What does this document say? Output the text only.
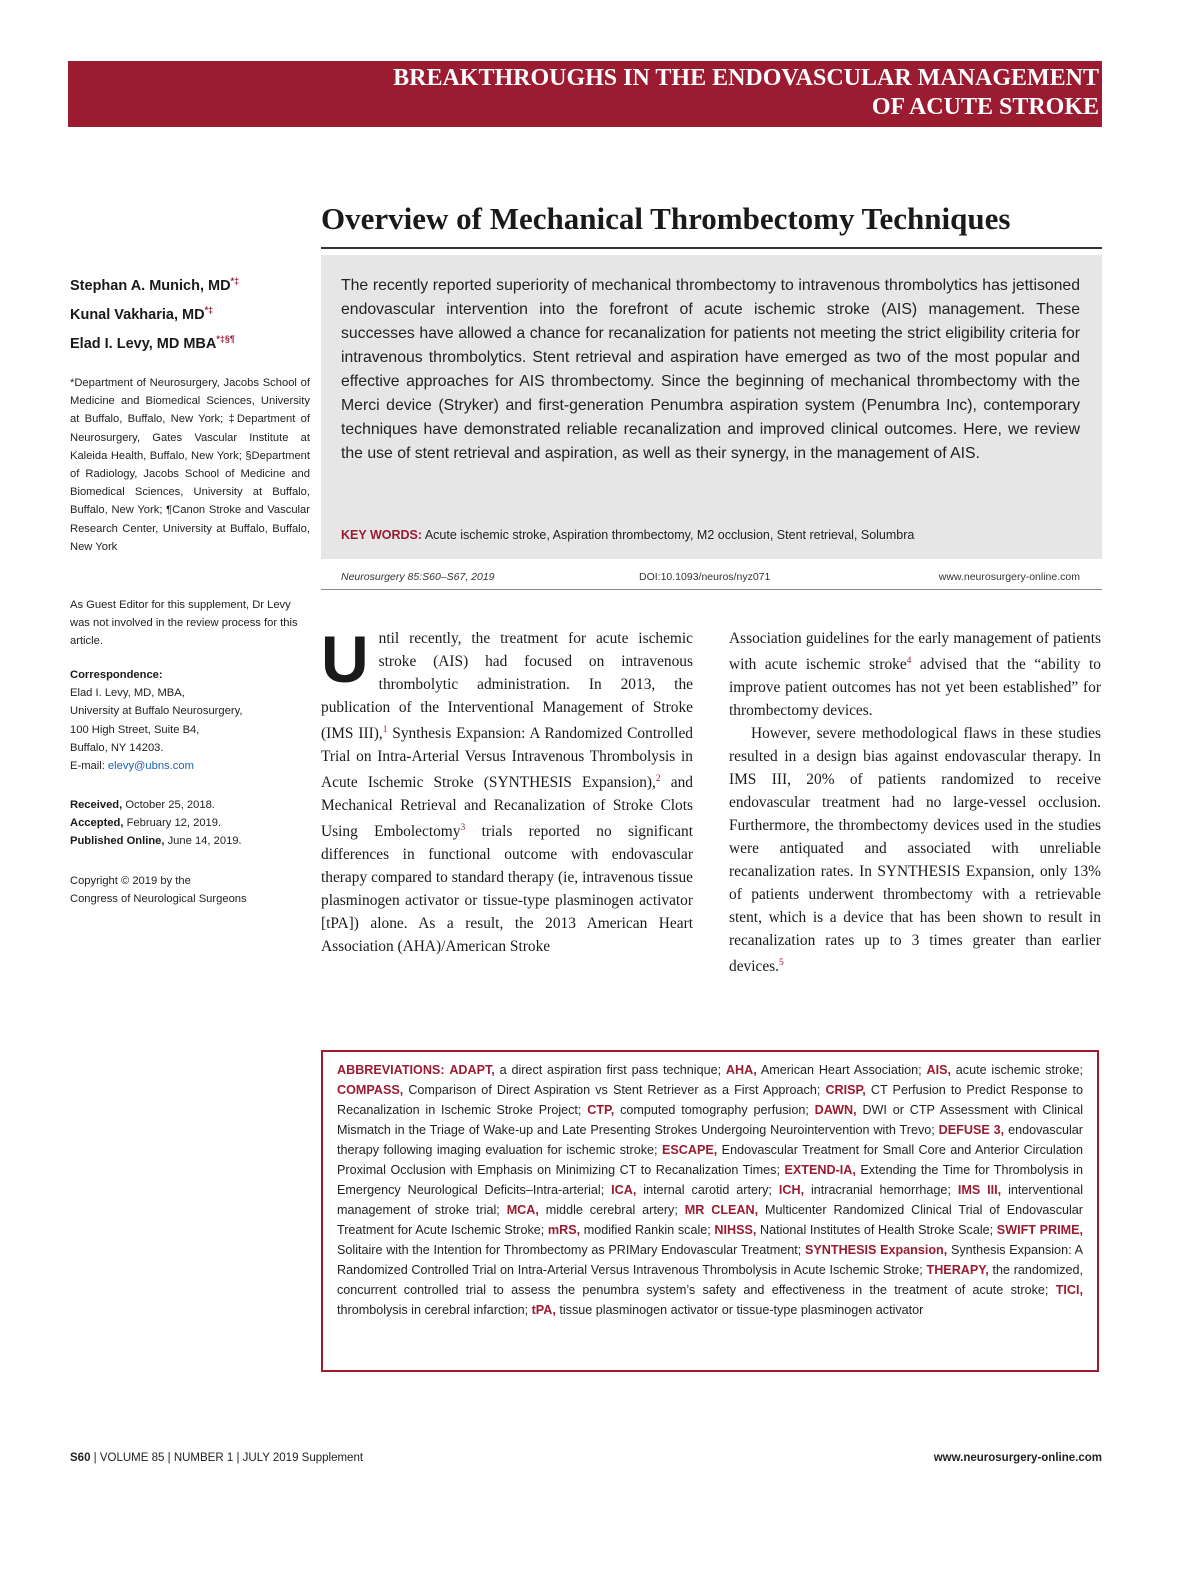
BREAKTHROUGHS IN THE ENDOVASCULAR MANAGEMENT
OF ACUTE STROKE
Overview of Mechanical Thrombectomy Techniques
Stephan A. Munich, MD*‡
Kunal Vakharia, MD*‡
Elad I. Levy, MD MBA*‡§¶
*Department of Neurosurgery, Jacobs School of Medicine and Biomedical Sciences, University at Buffalo, Buffalo, New York; ‡Department of Neurosurgery, Gates Vascular Institute at Kaleida Health, Buffalo, New York; §Department of Radiology, Jacobs School of Medicine and Biomedical Sciences, University at Buffalo, Buffalo, New York; ¶Canon Stroke and Vascular Research Center, University at Buffalo, Buffalo, New York
As Guest Editor for this supplement, Dr Levy was not involved in the review process for this article.
Correspondence:
Elad I. Levy, MD, MBA,
University at Buffalo Neurosurgery,
100 High Street, Suite B4,
Buffalo, NY 14203.
E-mail: elevy@ubns.com
Received, October 25, 2018.
Accepted, February 12, 2019.
Published Online, June 14, 2019.
Copyright © 2019 by the
Congress of Neurological Surgeons
The recently reported superiority of mechanical thrombectomy to intravenous thrombolytics has jettisoned endovascular intervention into the forefront of acute ischemic stroke (AIS) management. These successes have allowed a chance for recanalization for patients not meeting the strict eligibility criteria for intravenous thrombolytics. Stent retrieval and aspiration have emerged as two of the most popular and effective approaches for AIS thrombectomy. Since the beginning of mechanical thrombectomy with the Merci device (Stryker) and first-generation Penumbra aspiration system (Penumbra Inc), contemporary techniques have demonstrated reliable recanalization and improved clinical outcomes. Here, we review the use of stent retrieval and aspiration, as well as their synergy, in the management of AIS.
KEY WORDS: Acute ischemic stroke, Aspiration thrombectomy, M2 occlusion, Stent retrieval, Solumbra
Neurosurgery 85:S60–S67, 2019	DOI:10.1093/neuros/nyz071	www.neurosurgery-online.com

Until recently, the treatment for acute ischemic stroke (AIS) had focused on intravenous thrombolytic administration. In 2013, the publication of the Interventional Management of Stroke (IMS III),$^1$ Synthesis Expansion: A Randomized Controlled Trial on Intra-Arterial Versus Intravenous Thrombolysis in Acute Ischemic Stroke (SYNTHESIS Expansion),$^2$ and Mechanical Retrieval and Recanalization of Stroke Clots Using Embolectomy$^3$ trials reported no significant differences in functional outcome with endovascular therapy compared to standard therapy (ie, intravenous tissue plasminogen activator or tissue-type plasminogen activator [tPA]) alone. As a result, the 2013 American Heart Association (AHA)/American Stroke

Association guidelines for the early management of patients with acute ischemic stroke$^4$ advised that the “ability to improve patient outcomes has not yet been established” for thrombectomy devices.

However, severe methodological flaws in these studies resulted in a design bias against endovascular therapy. In IMS III, 20% of patients randomized to receive endovascular treatment had no large-vessel occlusion. Furthermore, the thrombectomy devices used in the studies were antiquated and associated with unreliable recanalization rates. In SYNTHESIS Expansion, only 13% of patients underwent thrombectomy with a retrievable stent, which is a device that has been shown to result in recanalization rates up to 3 times greater than earlier devices.$^5$

ABBREVIATIONS: ADAPT, a direct aspiration first pass technique; AHA, American Heart Association; AIS, acute ischemic stroke; COMPASS, Comparison of Direct Aspiration vs Stent Retriever as a First Approach; CRISP, CT Perfusion to Predict Response to Recanalization in Ischemic Stroke Project; CTP, computed tomography perfusion; DAWN, DWI or CTP Assessment with Clinical Mismatch in the Triage of Wake-up and Late Presenting Strokes Undergoing Neurointervention with Trevo; DEFUSE 3, endovascular therapy following imaging evaluation for ischemic stroke; ESCAPE, Endovascular Treatment for Small Core and Anterior Circulation Proximal Occlusion with Emphasis on Minimizing CT to Recanalization Times; EXTEND-IA, Extending the Time for Thrombolysis in Emergency Neurological Deficits–Intra-arterial; ICA, internal carotid artery; ICH, intracranial hemorrhage; IMS III, interventional management of stroke trial; MCA, middle cerebral artery; MR CLEAN, Multicenter Randomized Clinical Trial of Endovascular Treatment for Acute Ischemic Stroke; mRS, modified Rankin scale; NIHSS, National Institutes of Health Stroke Scale; SWIFT PRIME, Solitaire with the Intention for Thrombectomy as PRIMary Endovascular Treatment; SYNTHESIS Expansion, Synthesis Expansion: A Randomized Controlled Trial on Intra-Arterial Versus Intravenous Thrombolysis in Acute Ischemic Stroke; THERAPY, the randomized, concurrent controlled trial to assess the penumbra system’s safety and effectiveness in the treatment of acute stroke; TICI, thrombolysis in cerebral infarction; tPA, tissue plasminogen activator or tissue-type plasminogen activator
S60 | VOLUME 85 | NUMBER 1 | JULY 2019 Supplement	www.neurosurgery-online.com
